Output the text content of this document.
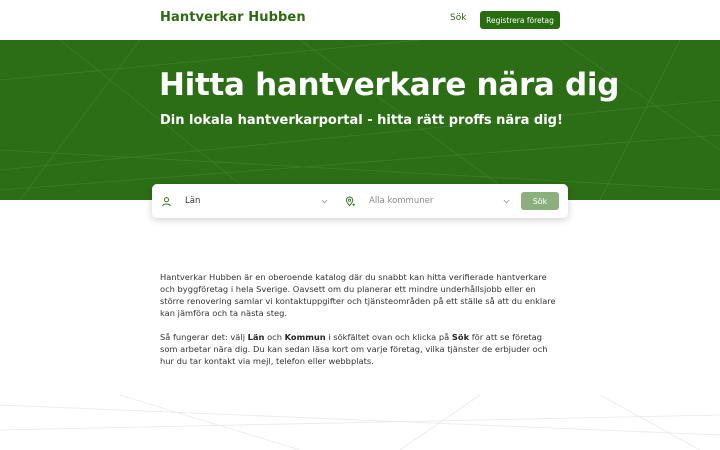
Hantverkar Hubben	Sök	Registrera företag
Hitta hantverkare nära dig
Din lokala hantverkarportal - hitta rätt proffs nära dig!
Län	Alla kommuner	Sök

Hantverkar Hubben är en oberoende katalog där du snabbt kan hitta verifierade hantverkare och byggföretag i hela Sverige. Oavsett om du planerar ett mindre underhållsjobb eller en större renovering samlar vi kontaktuppgifter och tjänsteområden på ett ställe så att du enklare kan jämföra och ta nästa steg.

Så fungerar det: välj Län och Kommun i sökfältet ovan och klicka på Sök för att se företag som arbetar nära dig. Du kan sedan läsa kort om varje företag, vilka tjänster de erbjuder och hur du tar kontakt via mejl, telefon eller webbplats.
